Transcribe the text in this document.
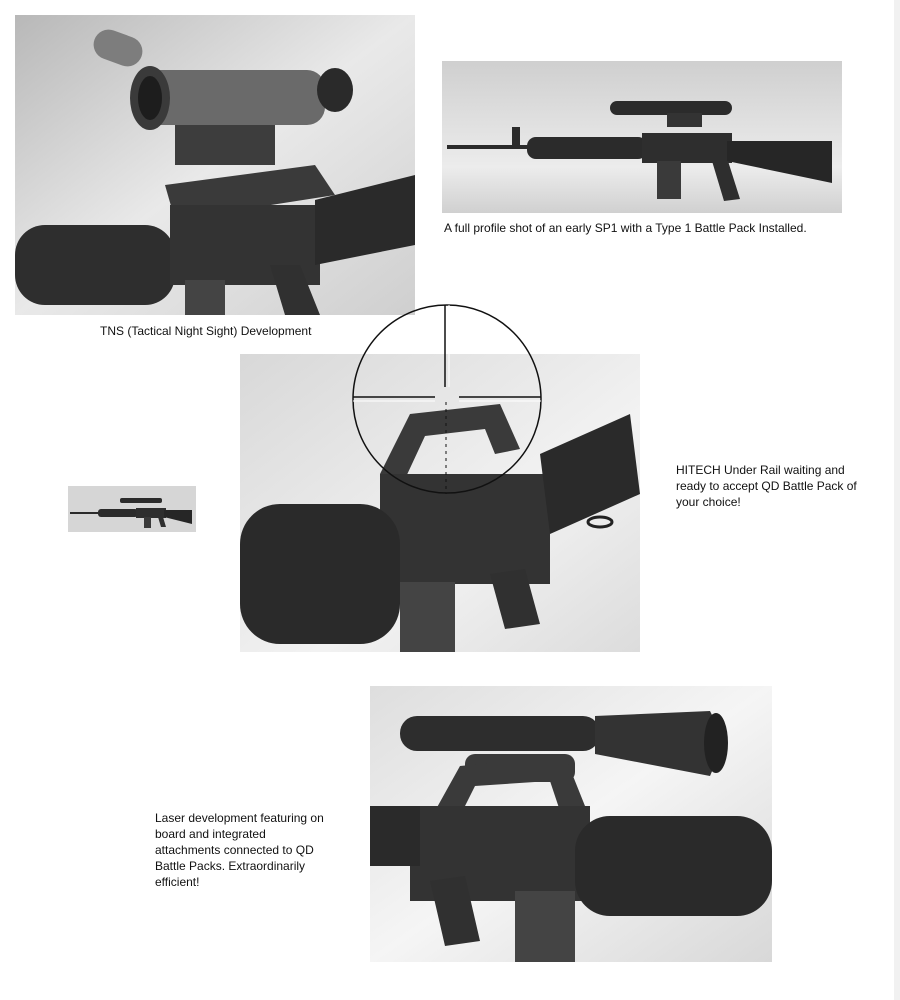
TNS (Tactical Night Sight) Development
A full profile shot of an early SP1 with a Type 1 Battle Pack Installed.
HITECH Under Rail waiting and ready to accept QD Battle Pack of your choice!
Laser development featuring on board and integrated attachments connected to QD Battle Packs. Extraordinarily efficient!
